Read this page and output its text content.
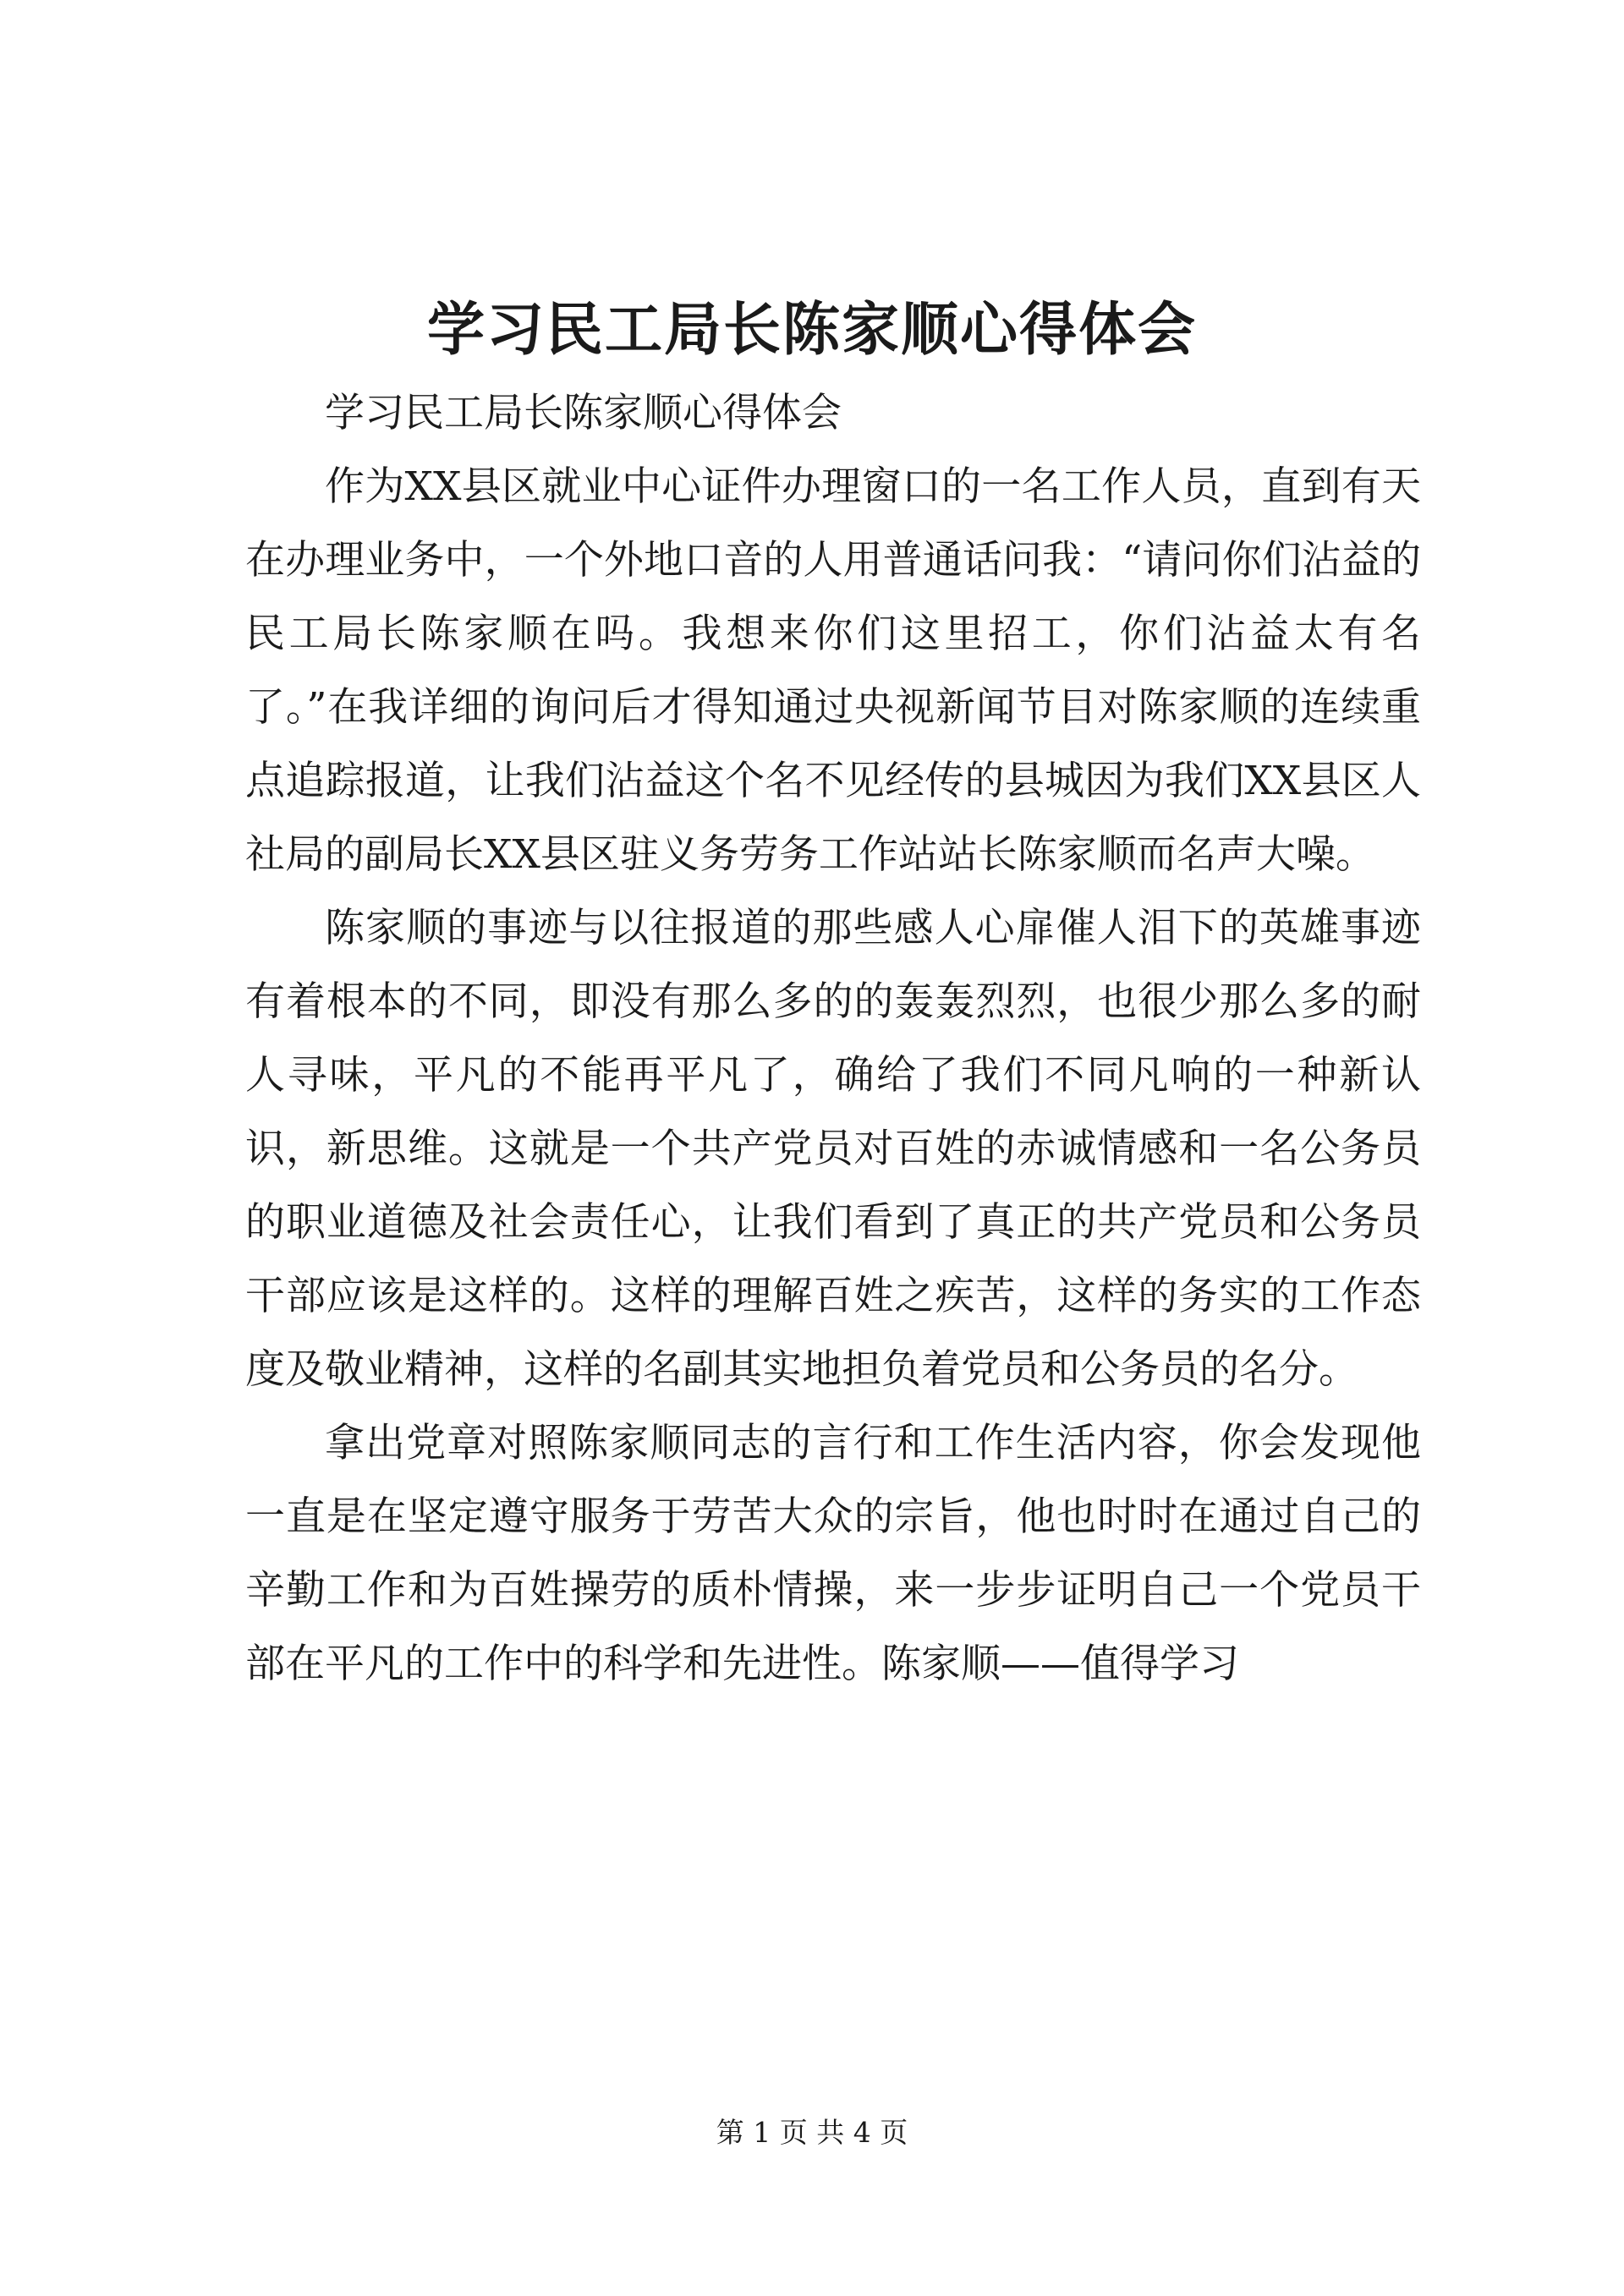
学习民工局长陈家顺心得体会

学习民工局长陈家顺心得体会

作为XX县区就业中心证件办理窗口的一名工作人员，直到有天在办理业务中，一个外地口音的人用普通话问我：“请问你们沾益的民工局长陈家顺在吗。我想来你们这里招工，你们沾益太有名了。”在我详细的询问后才得知通过央视新闻节目对陈家顺的连续重点追踪报道，让我们沾益这个名不见经传的县城因为我们XX县区人社局的副局长XX县区驻义务劳务工作站站长陈家顺而名声大噪。

陈家顺的事迹与以往报道的那些感人心扉催人泪下的英雄事迹有着根本的不同，即没有那么多的的轰轰烈烈，也很少那么多的耐人寻味，平凡的不能再平凡了，确给了我们不同凡响的一种新认识，新思维。这就是一个共产党员对百姓的赤诚情感和一名公务员的职业道德及社会责任心，让我们看到了真正的共产党员和公务员干部应该是这样的。这样的理解百姓之疾苦，这样的务实的工作态度及敬业精神，这样的名副其实地担负着党员和公务员的名分。

拿出党章对照陈家顺同志的言行和工作生活内容，你会发现他一直是在坚定遵守服务于劳苦大众的宗旨，他也时时在通过自己的辛勤工作和为百姓操劳的质朴情操，来一步步证明自己一个党员干部在平凡的工作中的科学和先进性。陈家顺——值得学习

第 1 页 共 4 页
